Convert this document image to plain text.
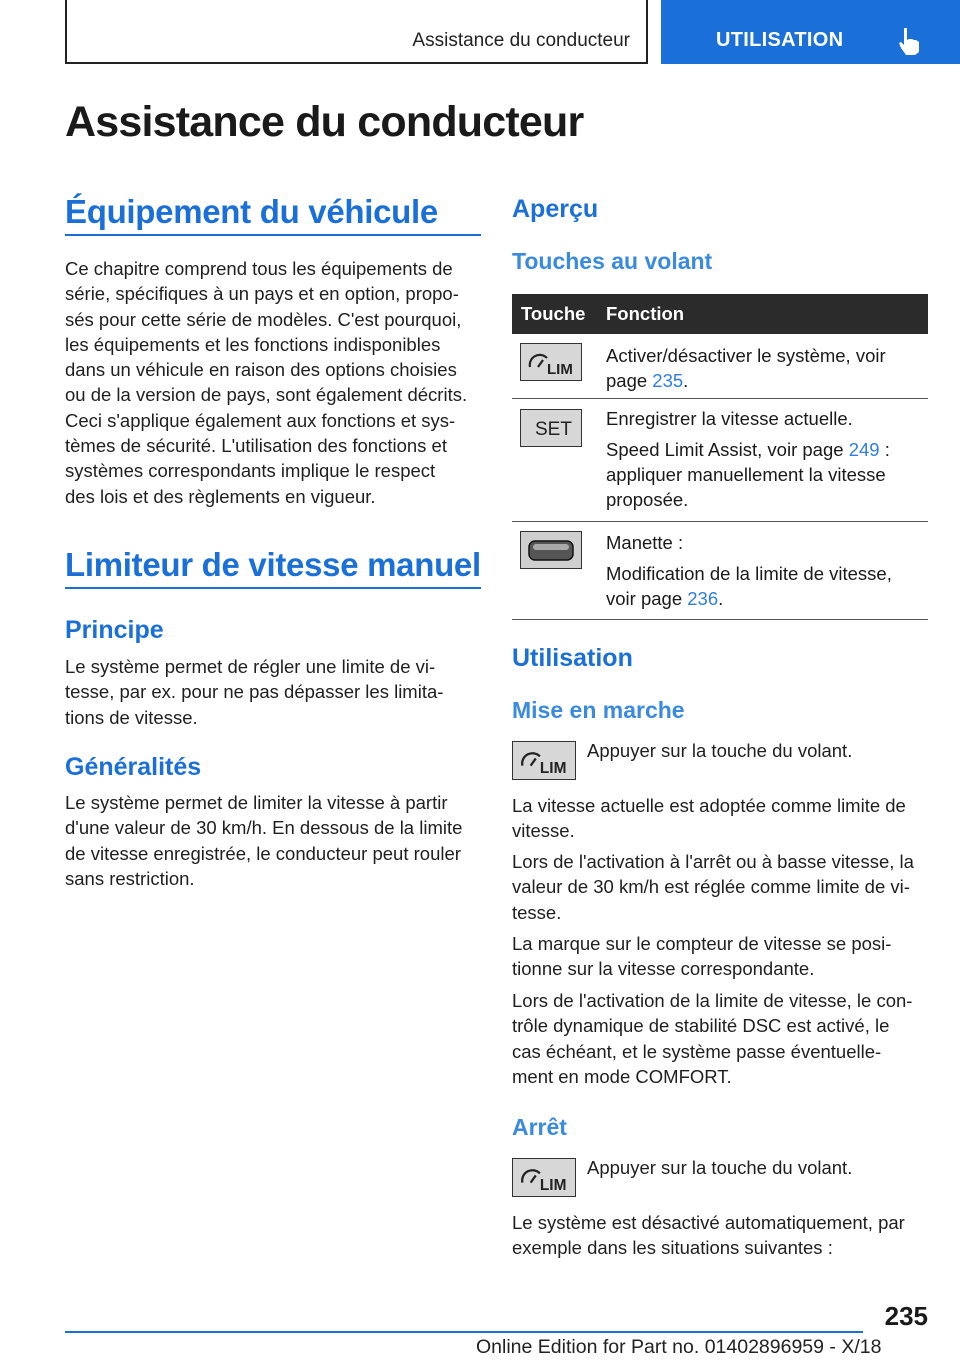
Assistance du conducteur	UTILISATION
Assistance du conducteur
Équipement du véhicule

Ce chapitre comprend tous les équipements de
série, spécifiques à un pays et en option, propo-
sés pour cette série de modèles. C'est pourquoi,
les équipements et les fonctions indisponibles
dans un véhicule en raison des options choisies
ou de la version de pays, sont également décrits.
Ceci s'applique également aux fonctions et sys-
tèmes de sécurité. L'utilisation des fonctions et
systèmes correspondants implique le respect
des lois et des règlements en vigueur.

Limiteur de vitesse manuel
Principe

Le système permet de régler une limite de vi-
tesse, par ex. pour ne pas dépasser les limita-
tions de vitesse.

Généralités

Le système permet de limiter la vitesse à partir
d'une valeur de 30 km/h. En dessous de la limite
de vitesse enregistrée, le conducteur peut rouler
sans restriction.

Aperçu
Touches au volant
Touche Fonction
LIM
Activer/désactiver le système, voir
page 235.
SET
Enregistrer la vitesse actuelle.
Speed Limit Assist, voir page 249 :
appliquer manuellement la vitesse
proposée.
Manette :
Modification de la limite de vitesse,
voir page 236.
Utilisation
Mise en marche
LIM

Appuyer sur la touche du volant.

La vitesse actuelle est adoptée comme limite de
vitesse.

Lors de l'activation à l'arrêt ou à basse vitesse, la
valeur de 30 km/h est réglée comme limite de vi-
tesse.

La marque sur le compteur de vitesse se posi-
tionne sur la vitesse correspondante.

Lors de l'activation de la limite de vitesse, le con-
trôle dynamique de stabilité DSC est activé, le
cas échéant, et le système passe éventuelle-
ment en mode COMFORT.

Arrêt
LIM

Appuyer sur la touche du volant.

Le système est désactivé automatiquement, par
exemple dans les situations suivantes :

235
Online Edition for Part no. 01402896959 - X/18
